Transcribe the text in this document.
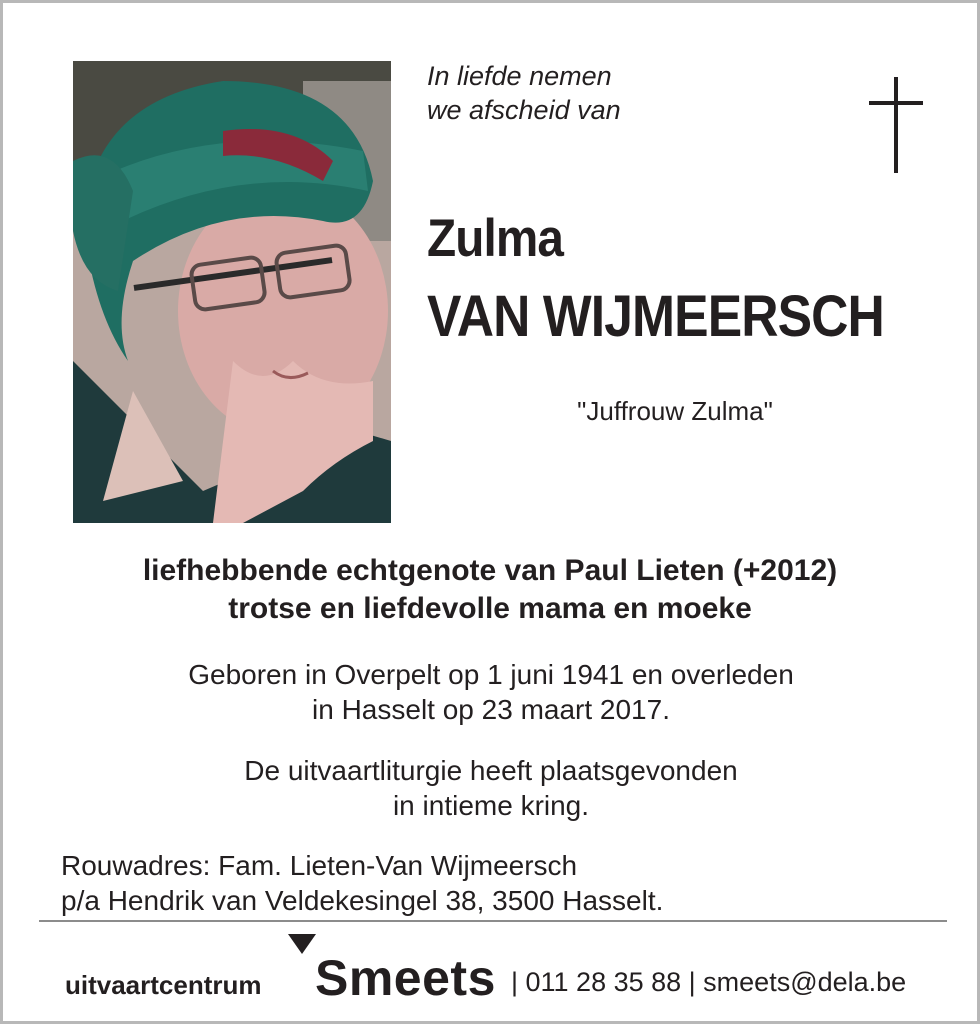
In liefde nemen
we afscheid van
Zulma
VAN WIJMEERSCH
"Juffrouw Zulma"
liefhebbende echtgenote van Paul Lieten (+2012)
trotse en liefdevolle mama en moeke
Geboren in Overpelt op 1 juni 1941 en overleden
in Hasselt op 23 maart 2017.
De uitvaartliturgie heeft plaatsgevonden
in intieme kring.
Rouwadres: Fam. Lieten-Van Wijmeersch
p/a Hendrik van Veldekesingel 38, 3500 Hasselt.
uitvaartcentrum Smeets | 011 28 35 88 | smeets@dela.be
